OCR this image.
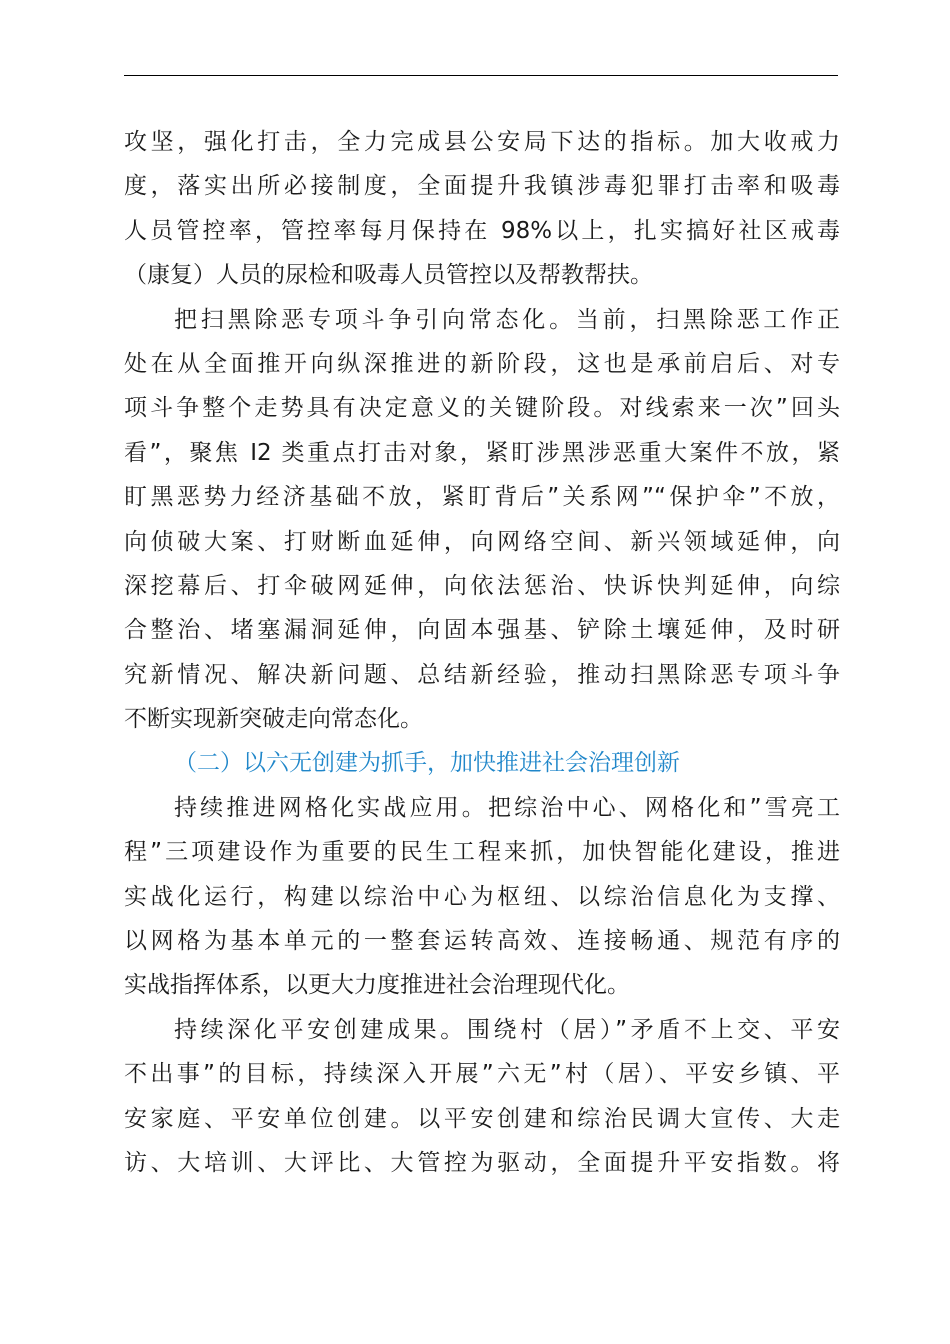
攻坚，强化打击，全力完成县公安局下达的指标。加大收戒力
度，落实出所必接制度，全面提升我镇涉毒犯罪打击率和吸毒
人员管控率，管控率每月保持在 98%以上，扎实搞好社区戒毒
（康复）人员的尿检和吸毒人员管控以及帮教帮扶。
把扫黑除恶专项斗争引向常态化。当前，扫黑除恶工作正
处在从全面推开向纵深推进的新阶段，这也是承前启后、对专
项斗争整个走势具有决定意义的关键阶段。对线索来一次”回头
看”，聚焦 I2 类重点打击对象，紧盯涉黑涉恶重大案件不放，紧
盯黑恶势力经济基础不放，紧盯背后”关系网”“保护伞”不放，
向侦破大案、打财断血延伸，向网络空间、新兴领域延伸，向
深挖幕后、打伞破网延伸，向依法惩治、快诉快判延伸，向综
合整治、堵塞漏洞延伸，向固本强基、铲除土壤延伸，及时研
究新情况、解决新问题、总结新经验，推动扫黑除恶专项斗争
不断实现新突破走向常态化。
（二）以六无创建为抓手，加快推进社会治理创新
持续推进网格化实战应用。把综治中心、网格化和”雪亮工
程”三项建设作为重要的民生工程来抓，加快智能化建设，推进
实战化运行，构建以综治中心为枢纽、以综治信息化为支撑、
以网格为基本单元的一整套运转高效、连接畅通、规范有序的
实战指挥体系，以更大力度推进社会治理现代化。
持续深化平安创建成果。围绕村（居）”矛盾不上交、平安
不出事”的目标，持续深入开展”六无”村（居）、平安乡镇、平
安家庭、平安单位创建。以平安创建和综治民调大宣传、大走
访、大培训、大评比、大管控为驱动，全面提升平安指数。将
